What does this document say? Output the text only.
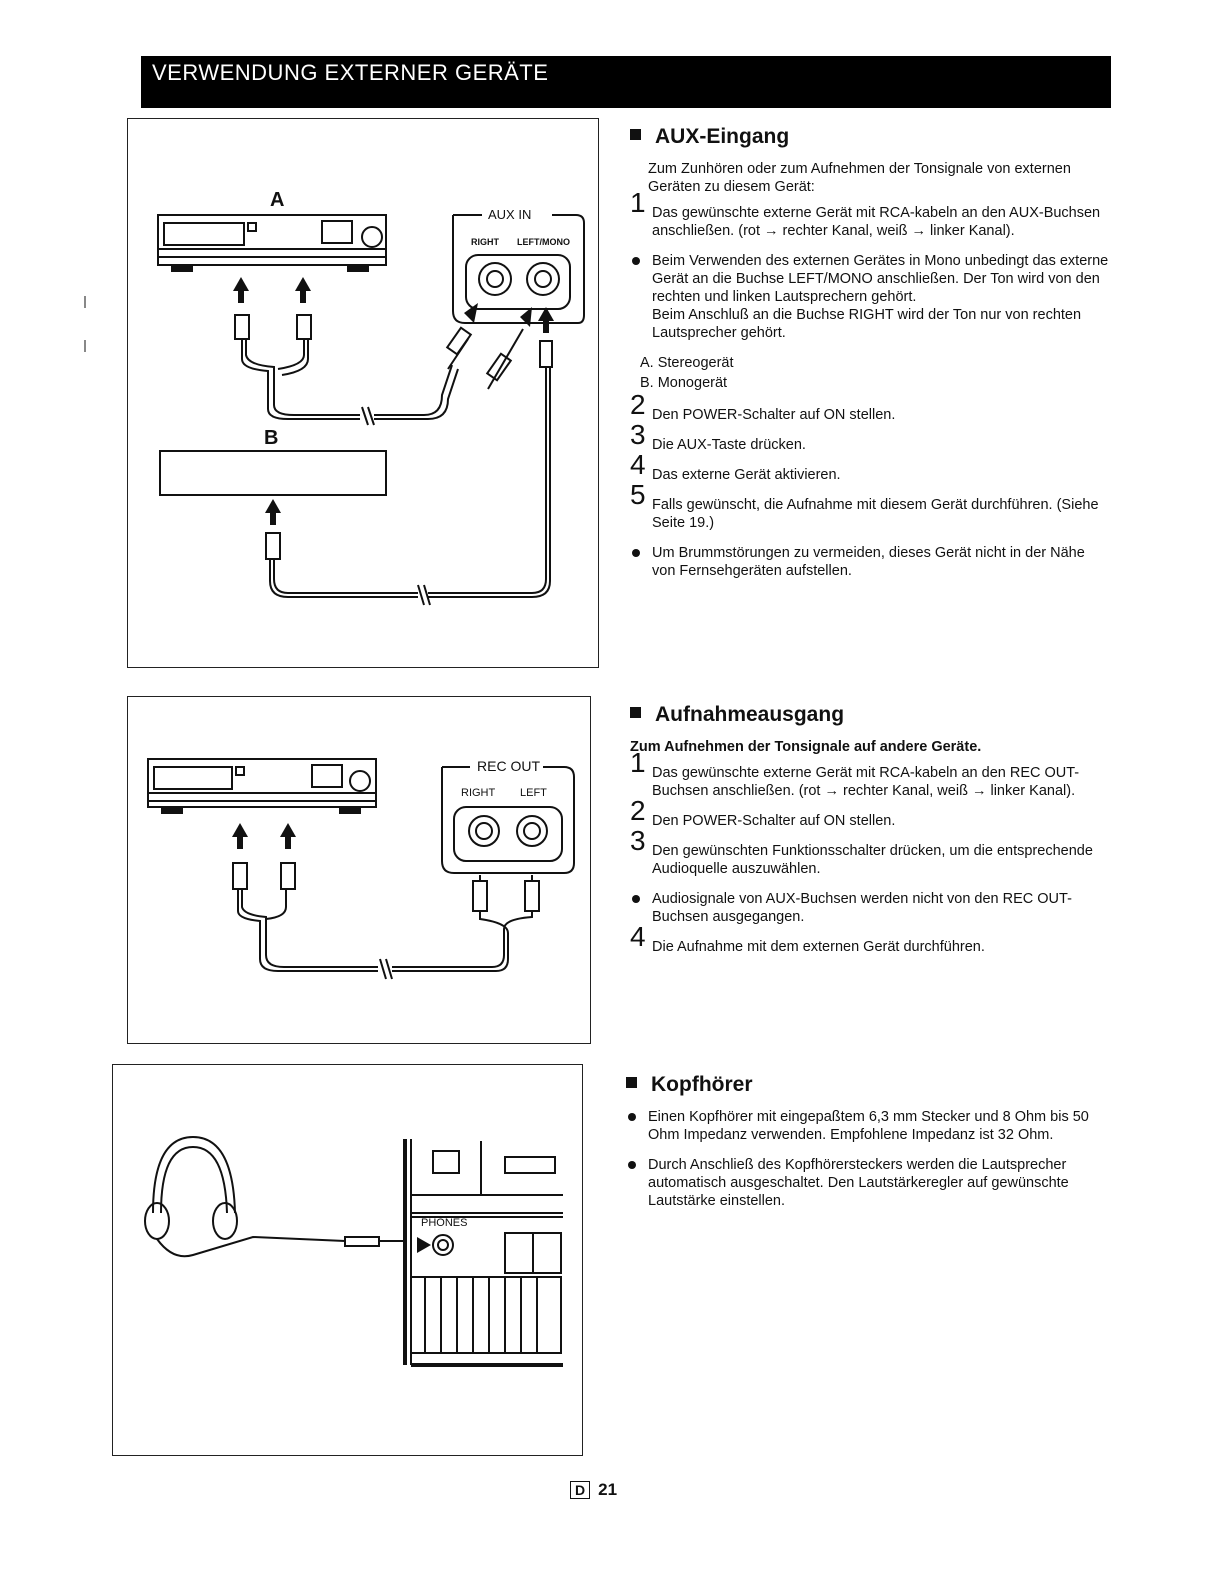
VERWENDUNG EXTERNER GERÄTE
A
B
AUX IN
RIGHT LEFT/MONO
REC OUT
RIGHT LEFT
PHONES
AUX-Eingang
Zum Zunhören oder zum Aufnehmen der Tonsignale von externen Geräten zu diesem Gerät:
1 Das gewünschte externe Gerät mit RCA-kabeln an den AUX-Buchsen anschließen. (rot → rechter Kanal, weiß → linker Kanal).
Beim Verwenden des externen Gerätes in Mono unbedingt das externe Gerät an die Buchse LEFT/MONO anschließen. Der Ton wird von den rechten und linken Lautsprechern gehört.
Beim Anschluß an die Buchse RIGHT wird der Ton nur von rechten Lautsprecher gehört.
A. Stereogerät
B. Monogerät
2 Den POWER-Schalter auf ON stellen.
3 Die AUX-Taste drücken.
4 Das externe Gerät aktivieren.
5 Falls gewünscht, die Aufnahme mit diesem Gerät durchführen. (Siehe Seite 19.)
Um Brummstörungen zu vermeiden, dieses Gerät nicht in der Nähe von Fernsehgeräten aufstellen.
Aufnahmeausgang
Zum Aufnehmen der Tonsignale auf andere Geräte.
1 Das gewünschte externe Gerät mit RCA-kabeln an den REC OUT-Buchsen anschließen. (rot → rechter Kanal, weiß → linker Kanal).
2 Den POWER-Schalter auf ON stellen.
3 Den gewünschten Funktionsschalter drücken, um die entsprechende Audioquelle auszuwählen.
Audiosignale von AUX-Buchsen werden nicht von den REC OUT-Buchsen ausgegangen.
4 Die Aufnahme mit dem externen Gerät durchführen.
Kopfhörer
Einen Kopfhörer mit eingepaßtem 6,3 mm Stecker und 8 Ohm bis 50 Ohm Impedanz verwenden. Empfohlene Impedanz ist 32 Ohm.
Durch Anschließ des Kopfhörersteckers werden die Lautsprecher automatisch ausgeschaltet. Den Lautstärkeregler auf gewünschte Lautstärke einstellen.
D 21
